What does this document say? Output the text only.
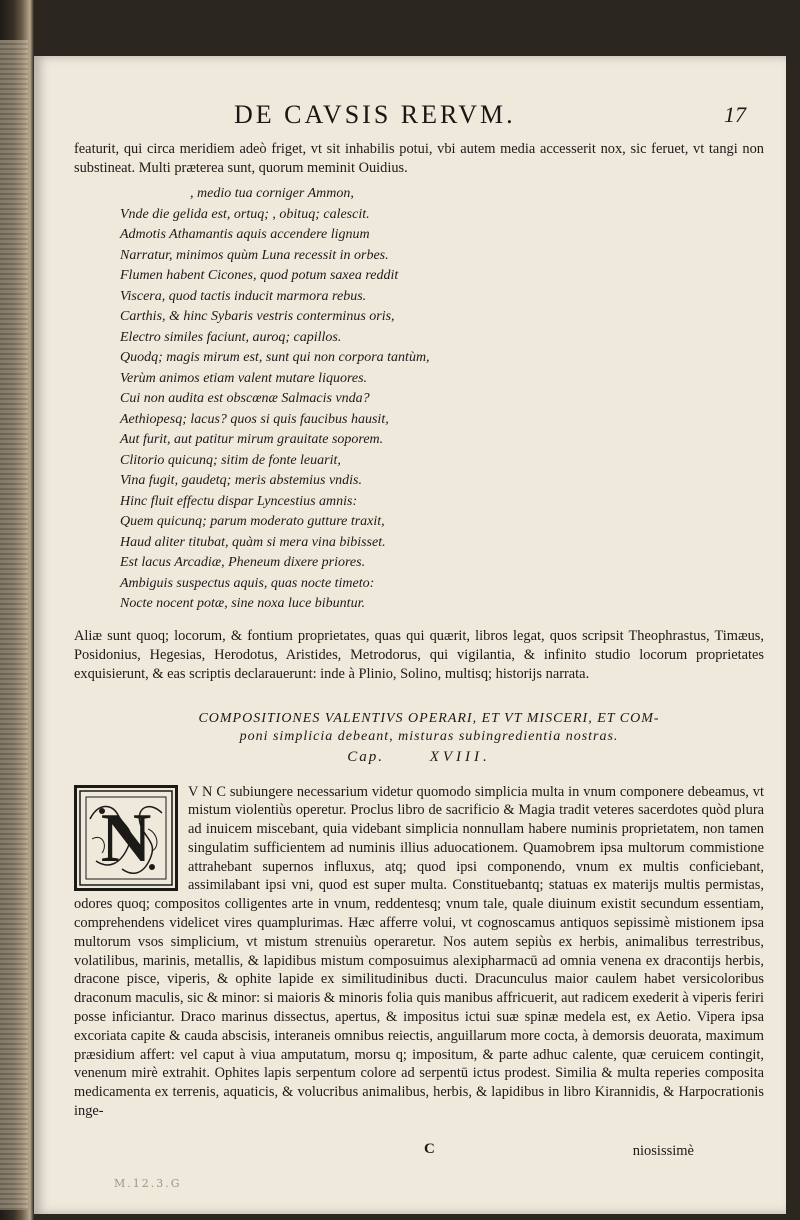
DE CAVSIS RERVM.	17

featurit, qui circa meridiem adeò friget, vt sit inhabilis potui, vbi autem media accesserit nox, sic feruet, vt tangi non substineat. Multi præterea sunt, quorum meminit Ouidius.

, medio tua corniger Ammon,
Vnde die gelida est, ortuq; , obituq; calescit.
Admotis Athamantis aquis accendere lignum
Narratur, minimos quùm Luna recessit in orbes.
Flumen habent Cicones, quod potum saxea reddit
Viscera, quod tactis inducit marmora rebus.
Carthis, & hinc Sybaris vestris conterminus oris,
Electro similes faciunt, auroq; capillos.
Quodq; magis mirum est, sunt qui non corpora tantùm,
Verùm animos etiam valent mutare liquores.
Cui non audita est obscœnæ Salmacis vnda?
Aethiopesq; lacus? quos si quis faucibus hausit,
Aut furit, aut patitur mirum grauitate soporem.
Clitorio quicunq; sitim de fonte leuarit,
Vina fugit, gaudetq; meris abstemius vndis.
Hinc fluit effectu dispar Lyncestius amnis:
Quem quicunq; parum moderato gutture traxit,
Haud aliter titubat, quàm si mera vina bibisset.
Est lacus Arcadiæ, Pheneum dixere priores.
Ambiguis suspectus aquis, quas nocte timeto:
Nocte nocent potæ, sine noxa luce bibuntur.

Aliæ sunt quoq; locorum, & fontium proprietates, quas qui quærit, libros legat, quos scripsit Theophrastus, Timæus, Posidonius, Hegesias, Herodotus, Aristides, Metrodorus, qui vigilantia, & infinito studio locorum proprietates exquisierunt, & eas scriptis declarauerunt: inde à Plinio, Solino, multisq; historijs narrata.

COMPOSITIONES VALENTIVS OPERARI, ET VT MISCERI, ET COM-
poni simplicia debeant, misturas subingredientia nostras.
Cap.	XVIII.
N

V N C subiungere necessarium videtur quomodo simplicia multa in vnum componere debeamus, vt mistum violentiùs operetur. Proclus libro de sacrificio & Magia tradit veteres sacerdotes quòd plura ad inuicem miscebant, quia videbant simplicia nonnullam habere numinis proprietatem, non tamen singulatim sufficientem ad numinis illius aduocationem. Quamobrem ipsa multorum commistione attrahebant supernos influxus, atq; quod ipsi componendo, vnum ex multis conficiebant, assimilabant ipsi vni, quod est super multa. Constituebantq; statuas ex materijs multis permistas, odores quoq; compositos colligentes arte in vnum, reddentesq; vnum tale, quale diuinum existit secundum essentiam, comprehendens videlicet vires quamplurimas. Hæc afferre volui, vt cognoscamus antiquos sepissimè mistionem ipsa multorum vsos simplicium, vt mistum strenuiùs operaretur. Nos autem sepiùs ex herbis, animalibus terrestribus, volatilibus, marinis, metallis, & lapidibus mistum composuimus alexipharmacū ad omnia venena ex dracontijs herbis, dracone pisce, viperis, & ophite lapide ex similitudinibus ducti. Dracunculus maior caulem habet versicoloribus draconum maculis, sic & minor: si maioris & minoris folia quis manibus affricuerit, aut radicem exederit à viperis feriri posse inficiantur. Draco marinus dissectus, apertus, & impositus ictui suæ spinæ medela est, ex Aetio. Vipera ipsa excoriata capite & cauda abscisis, interaneis omnibus reiectis, anguillarum more cocta, à demorsis deuorata, maximum præsidium affert: vel caput à viua amputatum, morsu q; impositum, & parte adhuc calente, quæ ceruicem contingit, venenum mirè extrahit. Ophites lapis serpentum colore ad serpentū ictus prodest. Similia & multa reperies composita medicamenta ex terrenis, aquaticis, & volucribus animalibus, herbis, & lapidibus in libro Kirannidis, & Harpocrationis inge-

C	niosissimè
M.12.3.G
